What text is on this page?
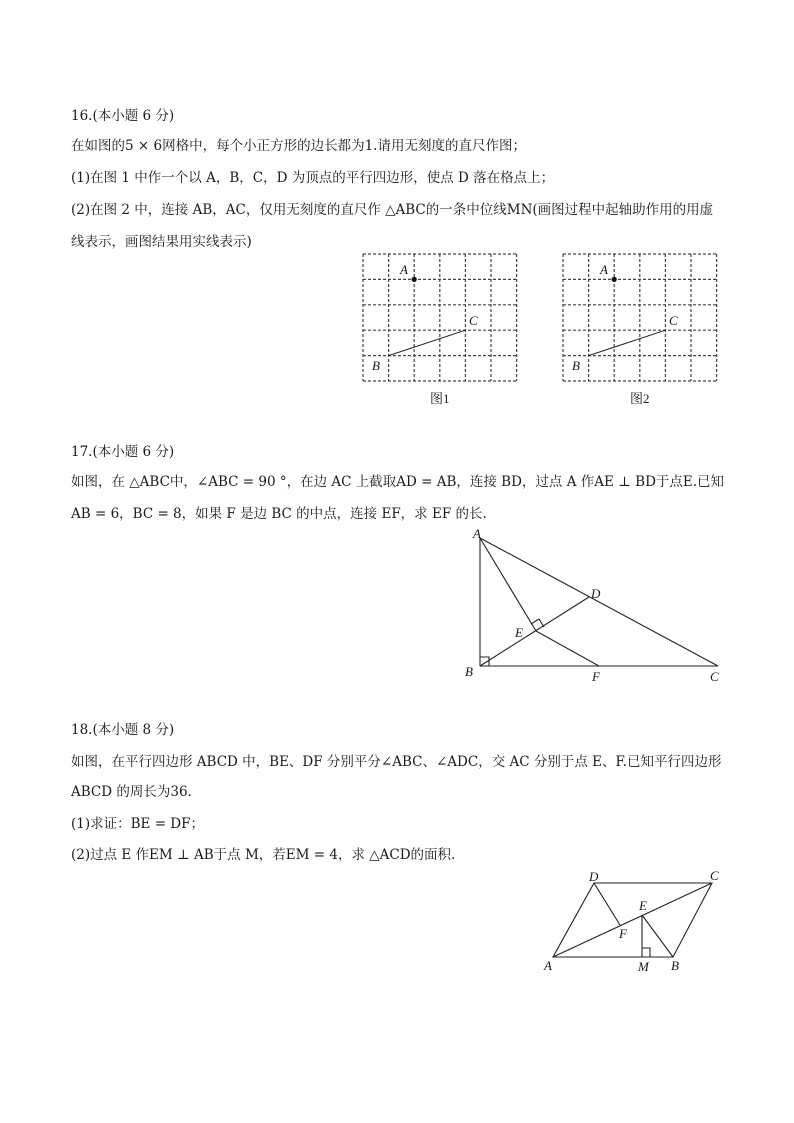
16.(本小题 6 分)
在如图的5 × 6网格中，每个小正方形的边长都为1.请用无刻度的直尺作图；
(1)在图 1 中作一个以 A，B，C，D 为顶点的平行四边形，使点 D 落在格点上；
(2)在图 2 中，连接 AB，AC，仅用无刻度的直尺作 △ABC的一条中位线MN(画图过程中起轴助作用的用虚
线表示，画图结果用实线表示)
A
B
C
图1
A
B
C
图2
17.(本小题 6 分)
如图，在 △ABC中，∠ABC = 90 °，在边 AC 上截取AD = AB，连接 BD，过点 A 作AE ⊥ BD于点E.已知
AB = 6，BC = 8，如果 F 是边 BC 的中点，连接 EF，求 EF 的长.
A
B	C
D
E
F
18.(本小题 8 分)
如图，在平行四边形 ABCD 中，BE、DF 分别平分∠ABC、∠ADC，交 AC 分别于点 E、F.已知平行四边形
ABCD 的周长为36.
(1)求证：BE = DF；
(2)过点 E 作EM ⊥ AB于点 M，若EM = 4，求 △ACD的面积.
A	B
C
D
E
F
M
